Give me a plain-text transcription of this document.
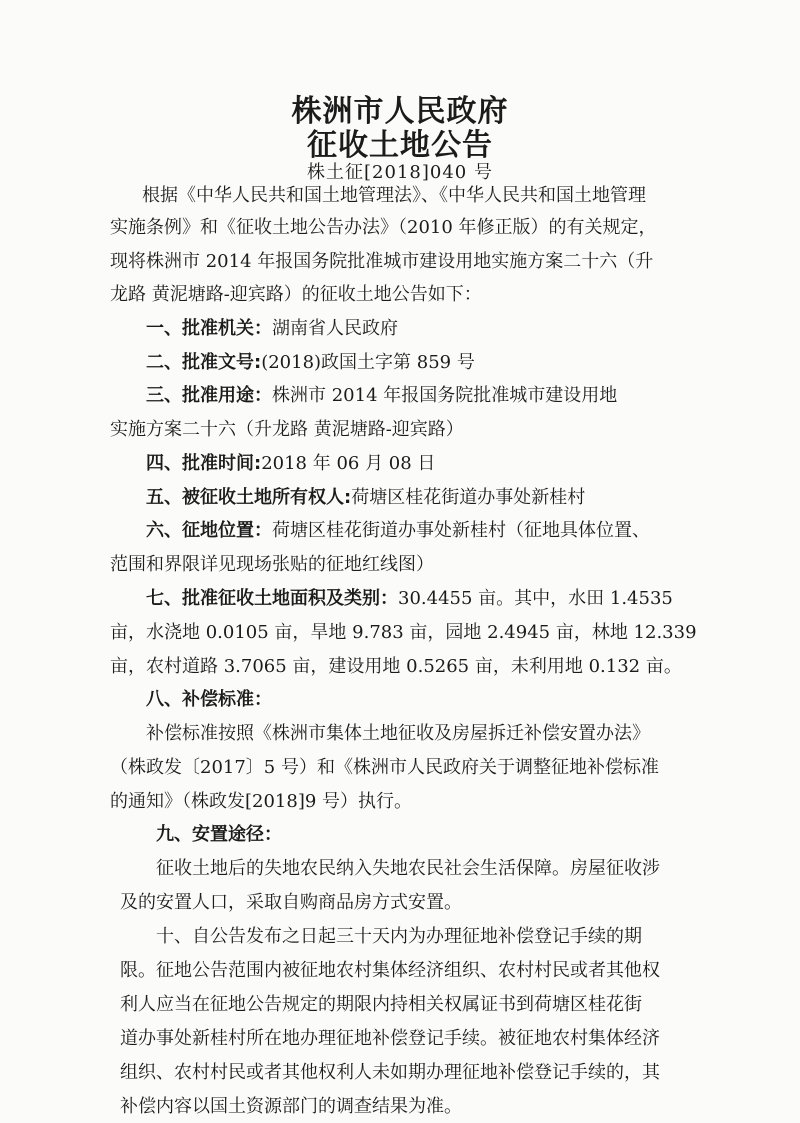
株洲市人民政府
征收土地公告
株土征[2018]040 号
根据《中华人民共和国土地管理法》、《中华人民共和国土地管理
实施条例》和《征收土地公告办法》（2010 年修正版）的有关规定，
现将株洲市 2014 年报国务院批准城市建设用地实施方案二十六（升
龙路 黄泥塘路-迎宾路）的征收土地公告如下：
一、批准机关：湖南省人民政府
二、批准文号:(2018)政国土字第 859 号
三、批准用途：株洲市 2014 年报国务院批准城市建设用地
实施方案二十六（升龙路 黄泥塘路-迎宾路）
四、批准时间:2018 年 06 月 08 日
五、被征收土地所有权人:荷塘区桂花街道办事处新桂村
六、征地位置：荷塘区桂花街道办事处新桂村（征地具体位置、
范围和界限详见现场张贴的征地红线图）
七、批准征收土地面积及类别：30.4455 亩。其中，水田 1.4535
亩，水浇地 0.0105 亩，旱地 9.783 亩，园地 2.4945 亩，林地 12.339
亩，农村道路 3.7065 亩，建设用地 0.5265 亩，未利用地 0.132 亩。
八、补偿标准：
补偿标准按照《株洲市集体土地征收及房屋拆迁补偿安置办法》
（株政发〔2017〕5 号）和《株洲市人民政府关于调整征地补偿标准
的通知》（株政发[2018]9 号）执行。
九、安置途径：
征收土地后的失地农民纳入失地农民社会生活保障。房屋征收涉
及的安置人口，采取自购商品房方式安置。
十、自公告发布之日起三十天内为办理征地补偿登记手续的期
限。征地公告范围内被征地农村集体经济组织、农村村民或者其他权
利人应当在征地公告规定的期限内持相关权属证书到荷塘区桂花街
道办事处新桂村所在地办理征地补偿登记手续。被征地农村集体经济
组织、农村村民或者其他权利人未如期办理征地补偿登记手续的，其
补偿内容以国土资源部门的调查结果为准。
